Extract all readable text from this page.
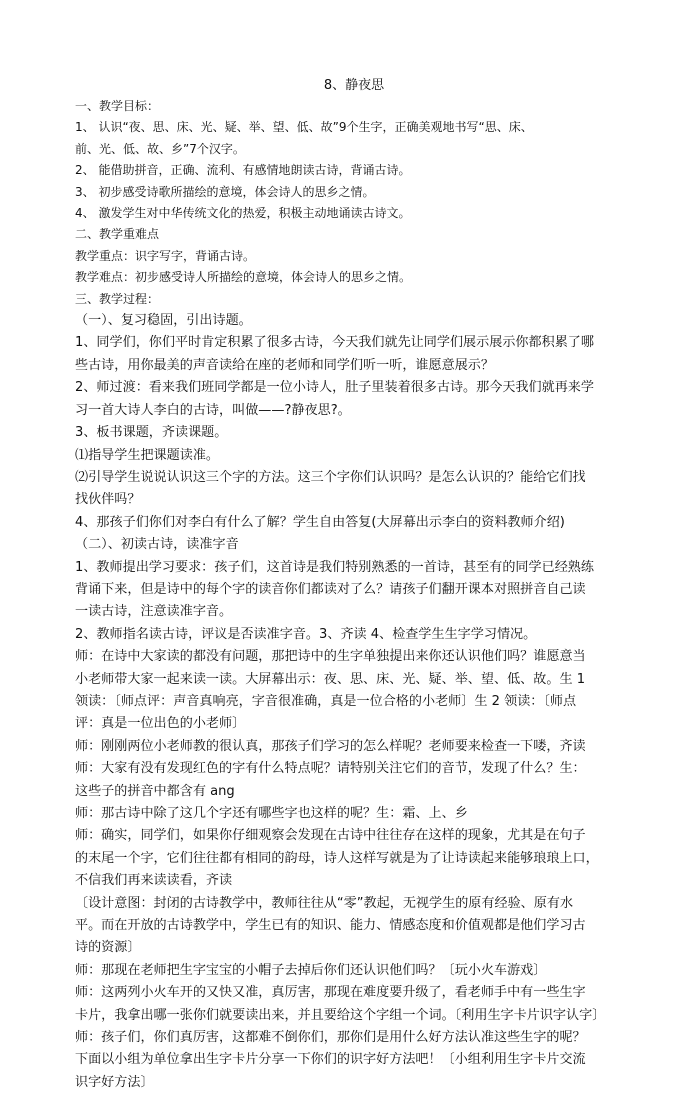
8、静夜思

一、教学目标：

1、 认识“夜、思、床、光、疑、举、望、低、故”9个生字，正确美观地书写“思、床、

前、光、低、故、乡”7个汉字。

2、 能借助拼音，正确、流利、有感情地朗读古诗，背诵古诗。

3、 初步感受诗歌所描绘的意境，体会诗人的思乡之情。

4、 激发学生对中华传统文化的热爱，积极主动地诵读古诗文。

二、教学重难点

教学重点：识字写字，背诵古诗。

教学难点：初步感受诗人所描绘的意境，体会诗人的思乡之情。

三、教学过程：

（一）、复习稳固，引出诗题。

1、同学们，你们平时肯定积累了很多古诗，今天我们就先让同学们展示展示你都积累了哪

些古诗，用你最美的声音读给在座的老师和同学们听一听，谁愿意展示？

2、师过渡：看来我们班同学都是一位小诗人，肚子里装着很多古诗。那今天我们就再来学

习一首大诗人李白的古诗，叫做——?静夜思?。

3、板书课题，齐读课题。

⑴指导学生把课题读准。

⑵引导学生说说认识这三个字的方法。这三个字你们认识吗？是怎么认识的？能给它们找

找伙伴吗？

4、那孩子们你们对李白有什么了解？学生自由答复(大屏幕出示李白的资料教师介绍)

（二）、初读古诗，读准字音

1、教师提出学习要求：孩子们，这首诗是我们特别熟悉的一首诗，甚至有的同学已经熟练

背诵下来，但是诗中的每个字的读音你们都读对了么？请孩子们翻开课本对照拼音自己读

一读古诗，注意读准字音。

2、教师指名读古诗，评议是否读准字音。3、齐读 4、检查学生生字学习情况。

师：在诗中大家读的都没有问题，那把诗中的生字单独提出来你还认识他们吗？谁愿意当

小老师带大家一起来读一读。大屏幕出示：夜、思、床、光、疑、举、望、低、故。生 1

领读：〔师点评：声音真响亮，字音很准确，真是一位合格的小老师〕生 2 领读：〔师点

评：真是一位出色的小老师〕

师：刚刚两位小老师教的很认真，那孩子们学习的怎么样呢？老师要来检查一下喽，齐读

师：大家有没有发现红色的字有什么特点呢？请特别关注它们的音节，发现了什么？生：

这些子的拼音中都含有 ang

师：那古诗中除了这几个字还有哪些字也这样的呢？生：霜、上、乡

师：确实，同学们，如果你仔细观察会发现在古诗中往往存在这样的现象，尤其是在句子

的末尾一个字，它们往往都有相同的韵母，诗人这样写就是为了让诗读起来能够琅琅上口，

不信我们再来读读看，齐读

〔设计意图：封闭的古诗教学中，教师往往从“零”教起，无视学生的原有经验、原有水

平。而在开放的古诗教学中，学生已有的知识、能力、情感态度和价值观都是他们学习古

诗的资源〕

师：那现在老师把生字宝宝的小帽子去掉后你们还认识他们吗？〔玩小火车游戏〕

师：这两列小火车开的又快又准，真厉害，那现在难度要升级了，看老师手中有一些生字

卡片，我拿出哪一张你们就要读出来，并且要给这个字组一个词。〔利用生字卡片识字认字〕

师：孩子们，你们真厉害，这都难不倒你们，那你们是用什么好方法认准这些生字的呢？

下面以小组为单位拿出生字卡片分享一下你们的识字好方法吧！〔小组利用生字卡片交流

识字好方法〕
